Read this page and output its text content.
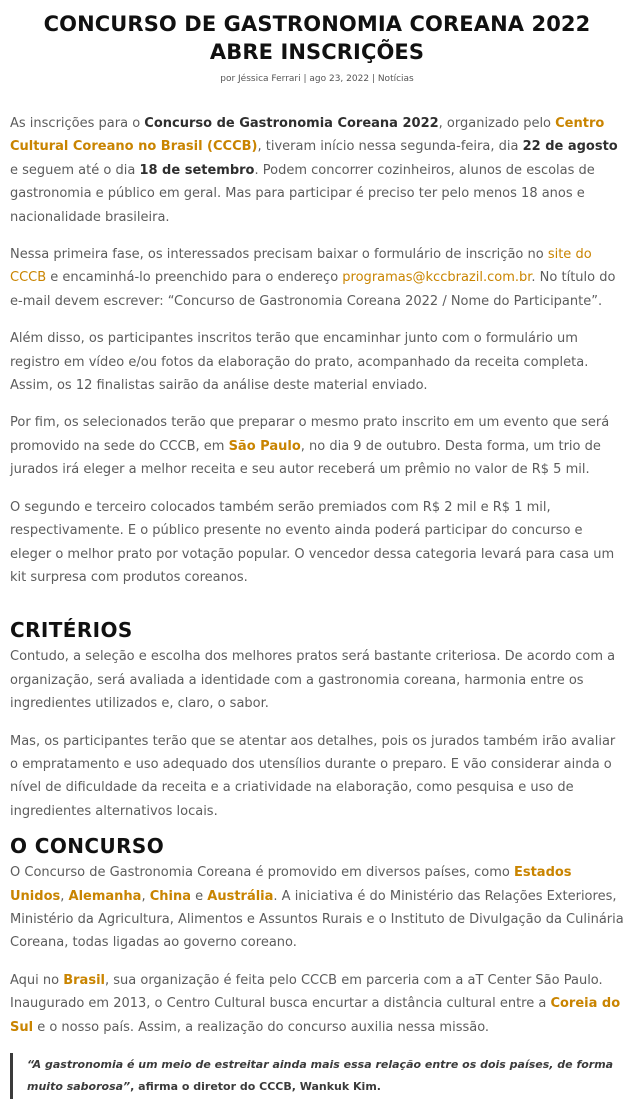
CONCURSO DE GASTRONOMIA COREANA 2022 ABRE INSCRIÇÕES
por Jéssica Ferrari | ago 23, 2022 | Notícias

As inscrições para o Concurso de Gastronomia Coreana 2022, organizado pelo Centro Cultural Coreano no Brasil (CCCB), tiveram início nessa segunda-feira, dia 22 de agosto e seguem até o dia 18 de setembro. Podem concorrer cozinheiros, alunos de escolas de gastronomia e público em geral. Mas para participar é preciso ter pelo menos 18 anos e nacionalidade brasileira.

Nessa primeira fase, os interessados precisam baixar o formulário de inscrição no site do CCCB e encaminhá-lo preenchido para o endereço programas@kccbrazil.com.br. No título do e-mail devem escrever: “Concurso de Gastronomia Coreana 2022 / Nome do Participante”.

Além disso, os participantes inscritos terão que encaminhar junto com o formulário um registro em vídeo e/ou fotos da elaboração do prato, acompanhado da receita completa. Assim, os 12 finalistas sairão da análise deste material enviado.

Por fim, os selecionados terão que preparar o mesmo prato inscrito em um evento que será promovido na sede do CCCB, em São Paulo, no dia 9 de outubro. Desta forma, um trio de jurados irá eleger a melhor receita e seu autor receberá um prêmio no valor de R$ 5 mil.

O segundo e terceiro colocados também serão premiados com R$ 2 mil e R$ 1 mil, respectivamente. E o público presente no evento ainda poderá participar do concurso e eleger o melhor prato por votação popular. O vencedor dessa categoria levará para casa um kit surpresa com produtos coreanos.

CRITÉRIOS

Contudo, a seleção e escolha dos melhores pratos será bastante criteriosa. De acordo com a organização, será avaliada a identidade com a gastronomia coreana, harmonia entre os ingredientes utilizados e, claro, o sabor.

Mas, os participantes terão que se atentar aos detalhes, pois os jurados também irão avaliar o empratamento e uso adequado dos utensílios durante o preparo. E vão considerar ainda o nível de dificuldade da receita e a criatividade na elaboração, como pesquisa e uso de ingredientes alternativos locais.

O CONCURSO

O Concurso de Gastronomia Coreana é promovido em diversos países, como Estados Unidos, Alemanha, China e Austrália. A iniciativa é do Ministério das Relações Exteriores, Ministério da Agricultura, Alimentos e Assuntos Rurais e o Instituto de Divulgação da Culinária Coreana, todas ligadas ao governo coreano.

Aqui no Brasil, sua organização é feita pelo CCCB em parceria com a aT Center São Paulo. Inaugurado em 2013, o Centro Cultural busca encurtar a distância cultural entre a Coreia do Sul e o nosso país. Assim, a realização do concurso auxilia nessa missão.

“A gastronomia é um meio de estreitar ainda mais essa relação entre os dois países, de forma muito saborosa”, afirma o diretor do CCCB, Wankuk Kim.
